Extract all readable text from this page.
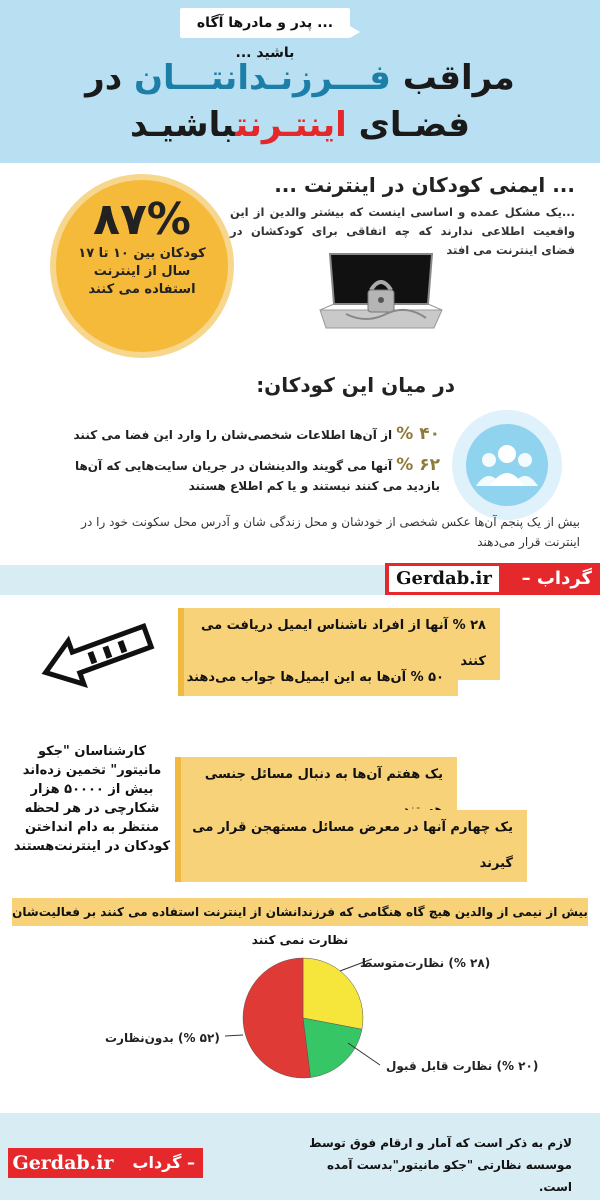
... پدر و مادرها آگاه باشید ...
مراقب فـــرزنـدانتـــان در
فضـای اینتـرنتباشیـد
۸۷%
کودکان بین ۱۰ تا ۱۷ سال از اینترنت استفاده می کنند
... ایمنی کودکان در اینترنت ...
...یک مشکل عمده و اساسی اینست که بیشتر والدین از این واقعیت اطلاعی ندارند که چه اتفاقی برای کودکشان در فضای اینترنت می افتد
در میان این کودکان:
۴۰ % از آن‌ها اطلاعات شخصی‌شان را وارد این فضا می کنند
۶۲ % آنها می گویند والدینشان در جریان سایت‌هایی که آن‌ها بازدید می کنند نیستند و یا کم اطلاع هستند
بیش از یک پنجم آن‌ها عکس شخصی از خودشان و محل زندگی شان و آدرس محل سکونت خود را در اینترنت قرار می‌دهند
گرداب –
Gerdab.ir
۲۸ % آنها از افراد ناشناس ایمیل دریافت می کنند
۵۰ % آن‌ها به این ایمیل‌ها جواب می‌دهند
کارشناسان "جکو مانیتور" تخمین زده‌اند بیش از ۵۰۰۰۰ هزار شکارچی در هر لحظه منتظر به دام انداختن کودکان در اینترنت‌هستند
یک هفتم آن‌ها به دنبال مسائل جنسی
یک چهارم آنها در معرض مسائل مستهجن قرار می گیرند
بیش از نیمی از والدین هیچ گاه هنگامی که فرزندانشان از اینترنت استفاده می کنند بر فعالیت‌شان نظارت نمی کنند
(۲۸ %) نظارت‌متوسط
(۲۰ %) نظارت قابل قبول
(۵۲ %) بدون‌نظارت
لازم به ذکر است که آمار و ارقام فوق توسط موسسه نظارتی "جکو مانیتور"بدست آمده است.
Gerdab.ir گرداب –
